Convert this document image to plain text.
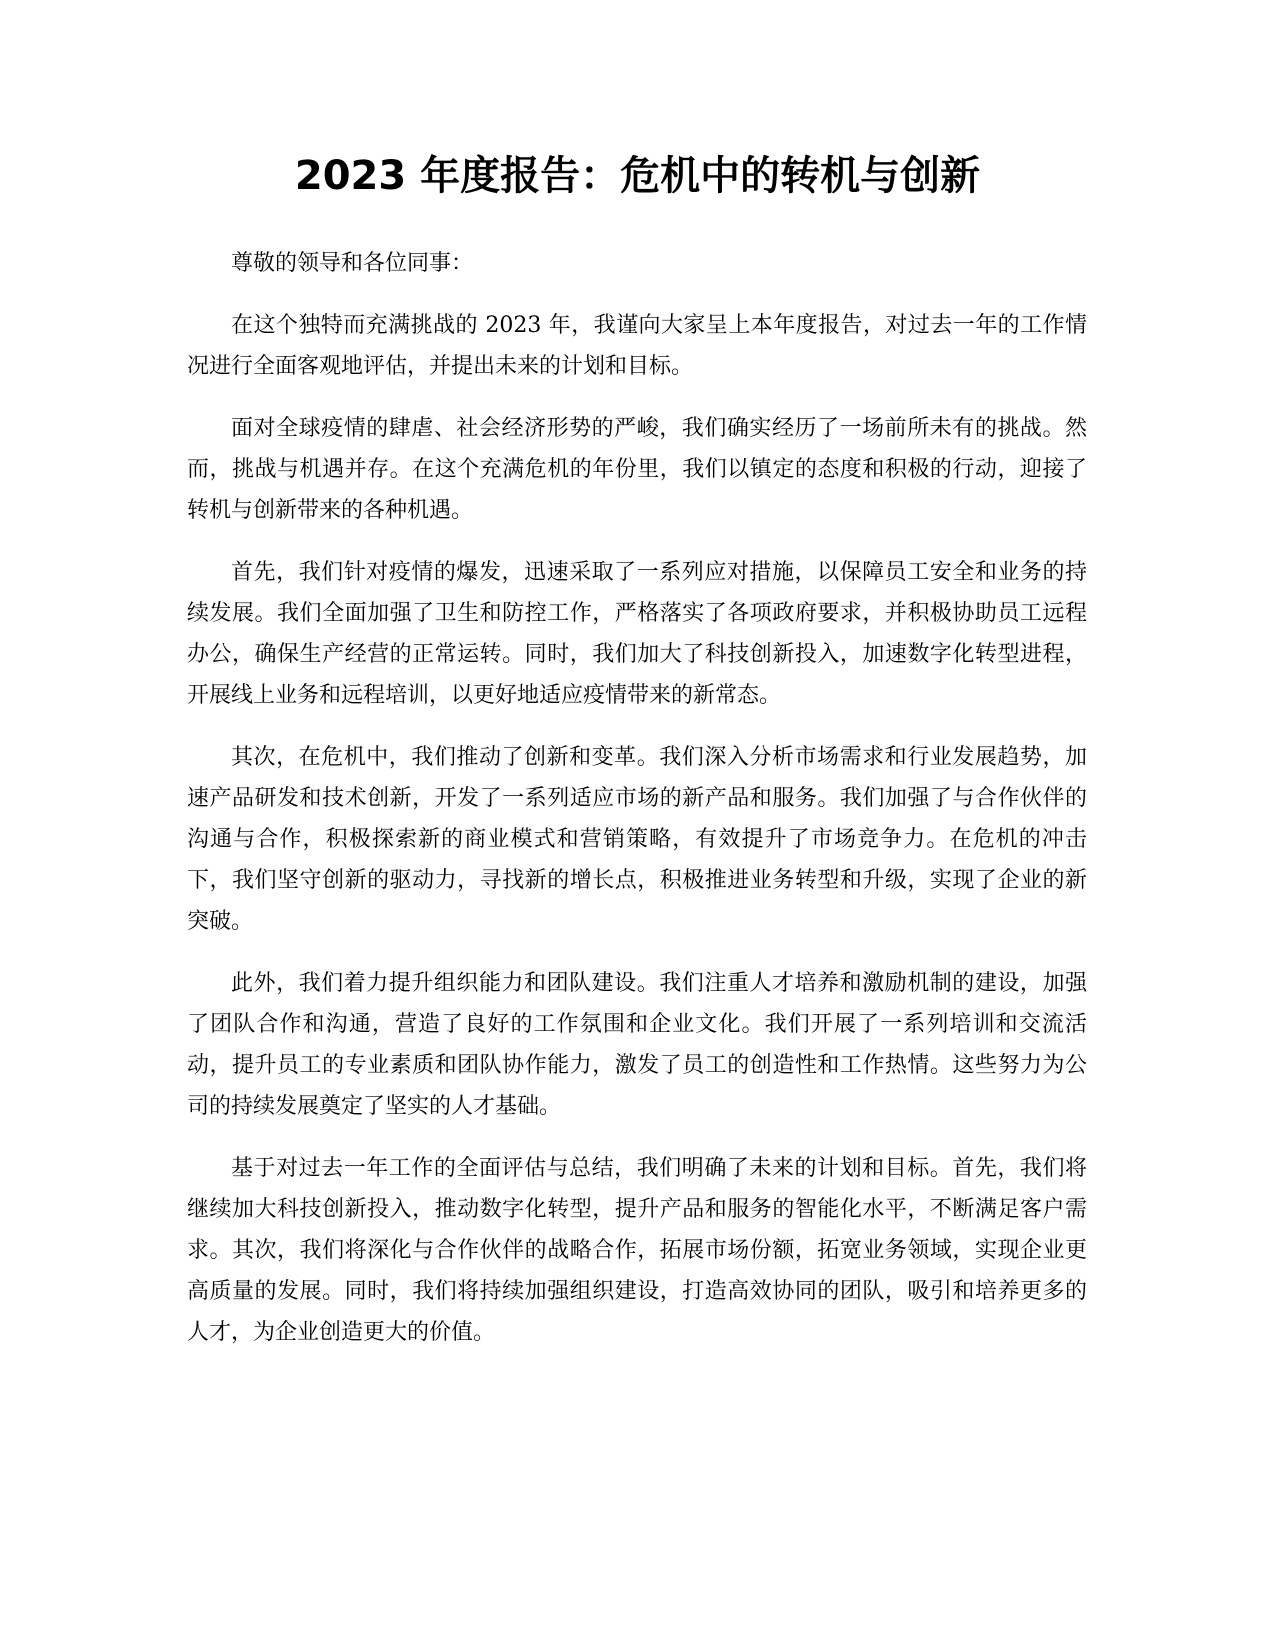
2023 年度报告：危机中的转机与创新

尊敬的领导和各位同事：

在这个独特而充满挑战的 2023 年，我谨向大家呈上本年度报告，对过去一年的工作情况进行全面客观地评估，并提出未来的计划和目标。

面对全球疫情的肆虐、社会经济形势的严峻，我们确实经历了一场前所未有的挑战。然而，挑战与机遇并存。在这个充满危机的年份里，我们以镇定的态度和积极的行动，迎接了转机与创新带来的各种机遇。

首先，我们针对疫情的爆发，迅速采取了一系列应对措施，以保障员工安全和业务的持续发展。我们全面加强了卫生和防控工作，严格落实了各项政府要求，并积极协助员工远程办公，确保生产经营的正常运转。同时，我们加大了科技创新投入，加速数字化转型进程，开展线上业务和远程培训，以更好地适应疫情带来的新常态。

其次，在危机中，我们推动了创新和变革。我们深入分析市场需求和行业发展趋势，加速产品研发和技术创新，开发了一系列适应市场的新产品和服务。我们加强了与合作伙伴的沟通与合作，积极探索新的商业模式和营销策略，有效提升了市场竞争力。在危机的冲击下，我们坚守创新的驱动力，寻找新的增长点，积极推进业务转型和升级，实现了企业的新突破。

此外，我们着力提升组织能力和团队建设。我们注重人才培养和激励机制的建设，加强了团队合作和沟通，营造了良好的工作氛围和企业文化。我们开展了一系列培训和交流活动，提升员工的专业素质和团队协作能力，激发了员工的创造性和工作热情。这些努力为公司的持续发展奠定了坚实的人才基础。

基于对过去一年工作的全面评估与总结，我们明确了未来的计划和目标。首先，我们将继续加大科技创新投入，推动数字化转型，提升产品和服务的智能化水平，不断满足客户需求。其次，我们将深化与合作伙伴的战略合作，拓展市场份额，拓宽业务领域，实现企业更高质量的发展。同时，我们将持续加强组织建设，打造高效协同的团队，吸引和培养更多的人才，为企业创造更大的价值。
